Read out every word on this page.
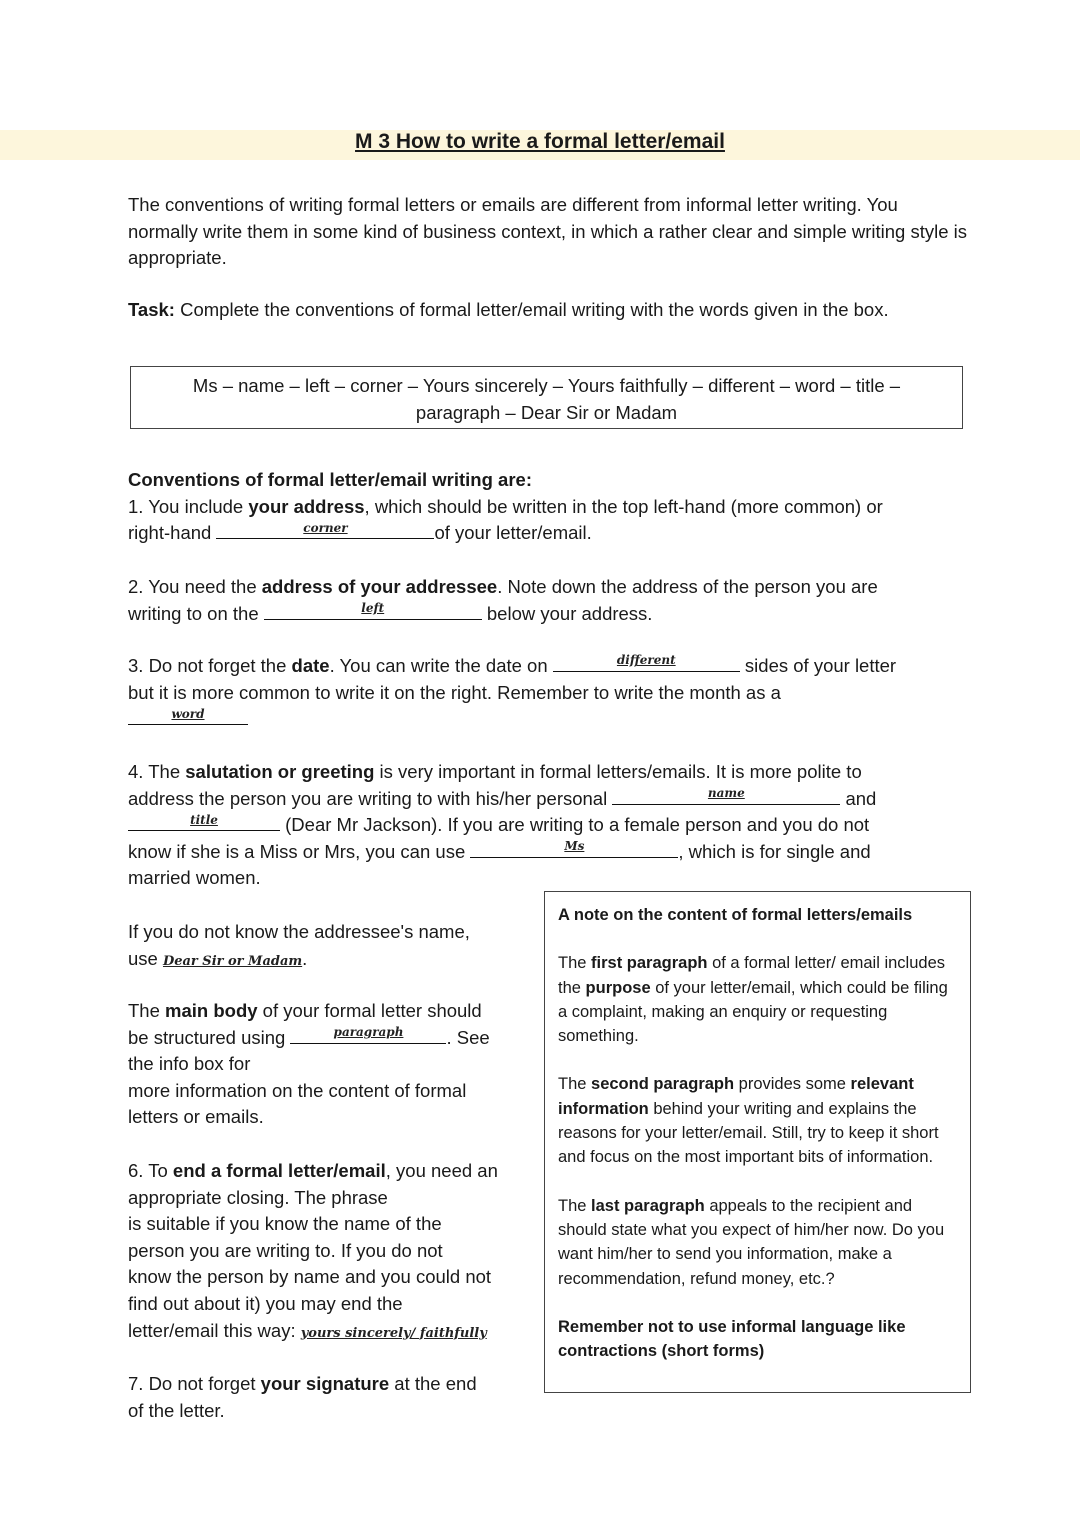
M 3 How to write a formal letter/email

The conventions of writing formal letters or emails are different from informal letter writing. You normally write them in some kind of business context, in which a rather clear and simple writing style is appropriate.

Task: Complete the conventions of formal letter/email writing with the words given in the box.

Ms – name – left – corner – Yours sincerely – Yours faithfully – different – word – title –
paragraph – Dear Sir or Madam
Conventions of formal letter/email writing are:
1. You include your address, which should be written in the top left-hand (more common) or
right-hand	corner	of your letter/email.
2. You need the address of your addressee. Note down the address of the person you are
writing to on the	left	below your address.
3. Do not forget the date. You can write the date on	different	sides of your letter
but it is more common to write it on the right. Remember to write the month as a

word
4. The salutation or greeting is very important in formal letters/emails. It is more polite to
address the person you are writing to with his/her personal	name	and

title	(Dear Mr Jackson). If you are writing to a female person and you do not
know if she is a Miss or Mrs, you can use	Ms	, which is for single and
married women.
If you do not know the addressee's name,
use Dear Sir or Madam.
The main body of your formal letter should
be structured using	paragraph	. See
the info box for
more information on the content of formal
letters or emails.
6. To end a formal letter/email, you need an
appropriate closing. The phrase
is suitable if you know the name of the
person you are writing to. If you do not
know the person by name and you could not
find out about it) you may end the
letter/email this way: yours sincerely/ faithfully
7. Do not forget your signature at the end
of the letter.

A note on the content of formal letters/emails

The first paragraph of a formal letter/ email includes the purpose of your letter/email, which could be filing a complaint, making an enquiry or requesting something.

The second paragraph provides some relevant information behind your writing and explains the reasons for your letter/email. Still, try to keep it short and focus on the most important bits of information.

The last paragraph appeals to the recipient and should state what you expect of him/her now. Do you want him/her to send you information, make a recommendation, refund money, etc.?

Remember not to use informal language like contractions (short forms)
